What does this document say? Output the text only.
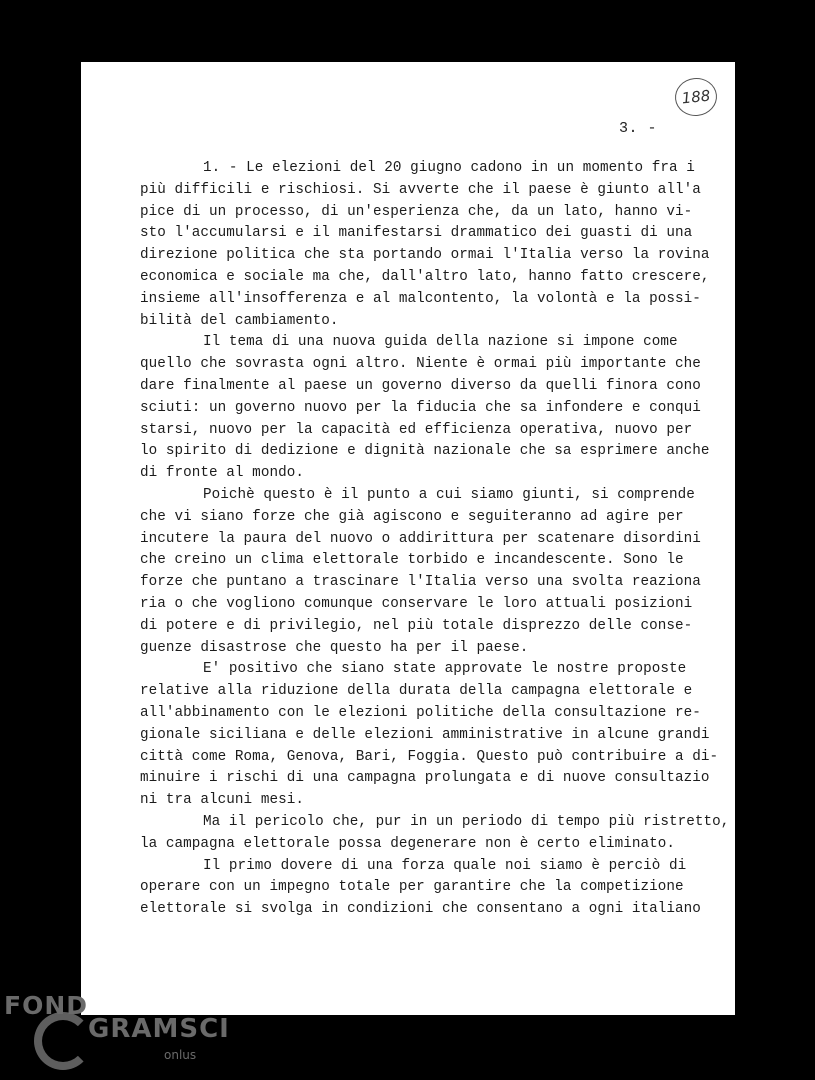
188
3. -
1. - Le elezioni del 20 giugno cadono in un momento fra i
più difficili e rischiosi. Si avverte che il paese è giunto all'a
pice di un processo, di un'esperienza che, da un lato, hanno vi-
sto l'accumularsi e il manifestarsi drammatico dei guasti di una
direzione politica che sta portando ormai l'Italia verso la rovina
economica e sociale ma che, dall'altro lato, hanno fatto crescere,
insieme all'insofferenza e al malcontento, la volontà e la possi-
bilità del cambiamento.
Il tema di una nuova guida della nazione si impone come
quello che sovrasta ogni altro. Niente è ormai più importante che
dare finalmente al paese un governo diverso da quelli finora cono
sciuti: un governo nuovo per la fiducia che sa infondere e conqui
starsi, nuovo per la capacità ed efficienza operativa, nuovo per
lo spirito di dedizione e dignità nazionale che sa esprimere anche
di fronte al mondo.
Poichè questo è il punto a cui siamo giunti, si comprende
che vi siano forze che già agiscono e seguiteranno ad agire per
incutere la paura del nuovo o addirittura per scatenare disordini
che creino un clima elettorale torbido e incandescente. Sono le
forze che puntano a trascinare l'Italia verso una svolta reaziona
ria o che vogliono comunque conservare le loro attuali posizioni
di potere e di privilegio, nel più totale disprezzo delle conse-
guenze disastrose che questo ha per il paese.
E' positivo che siano state approvate le nostre proposte
relative alla riduzione della durata della campagna elettorale e
all'abbinamento con le elezioni politiche della consultazione re-
gionale siciliana e delle elezioni amministrative in alcune grandi
città come Roma, Genova, Bari, Foggia. Questo può contribuire a di-
minuire i rischi di una campagna prolungata e di nuove consultazio
ni tra alcuni mesi.
Ma il pericolo che, pur in un periodo di tempo più ristretto,
la campagna elettorale possa degenerare non è certo eliminato.
Il primo dovere di una forza quale noi siamo è perciò di
operare con un impegno totale per garantire che la competizione
elettorale si svolga in condizioni che consentano a ogni italiano
FOND
GRAMSCI
onlus
